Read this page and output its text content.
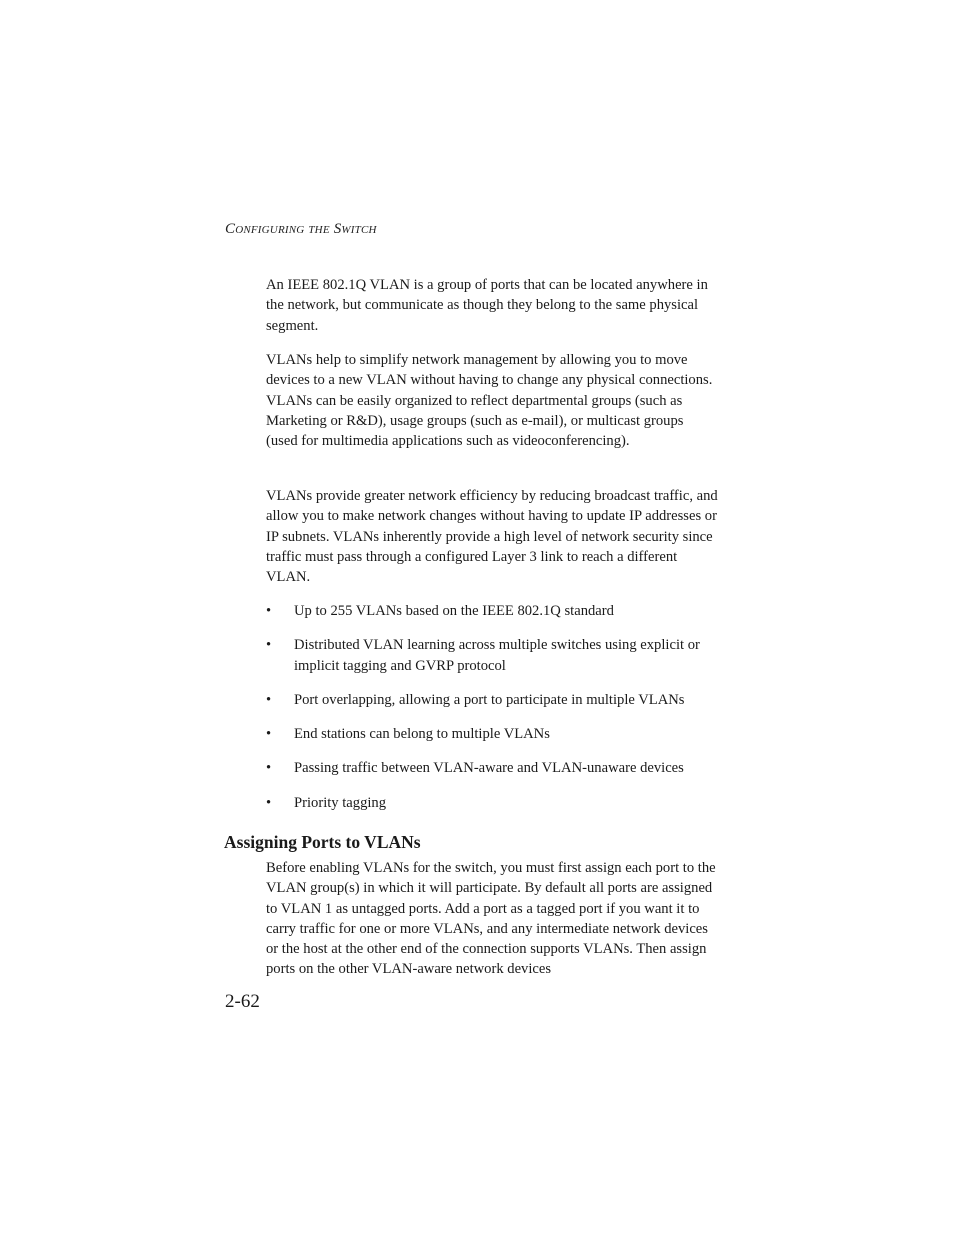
Configuring the Switch

An IEEE 802.1Q VLAN is a group of ports that can be located anywhere in the network, but communicate as though they belong to the same physical segment.

VLANs help to simplify network management by allowing you to move devices to a new VLAN without having to change any physical connections. VLANs can be easily organized to reflect departmental groups (such as Marketing or R&D), usage groups (such as e-mail), or multicast groups (used for multimedia applications such as videoconferencing).

VLANs provide greater network efficiency by reducing broadcast traffic, and allow you to make network changes without having to update IP addresses or IP subnets. VLANs inherently provide a high level of network security since traffic must pass through a configured Layer 3 link to reach a different VLAN.

• Up to 255 VLANs based on the IEEE 802.1Q standard
• Distributed VLAN learning across multiple switches using explicit or implicit tagging and GVRP protocol
• Port overlapping, allowing a port to participate in multiple VLANs
• End stations can belong to multiple VLANs
• Passing traffic between VLAN-aware and VLAN-unaware devices
• Priority tagging
Assigning Ports to VLANs

Before enabling VLANs for the switch, you must first assign each port to the VLAN group(s) in which it will participate. By default all ports are assigned to VLAN 1 as untagged ports. Add a port as a tagged port if you want it to carry traffic for one or more VLANs, and any intermediate network devices or the host at the other end of the connection supports VLANs. Then assign ports on the other VLAN-aware network devices

2-62
